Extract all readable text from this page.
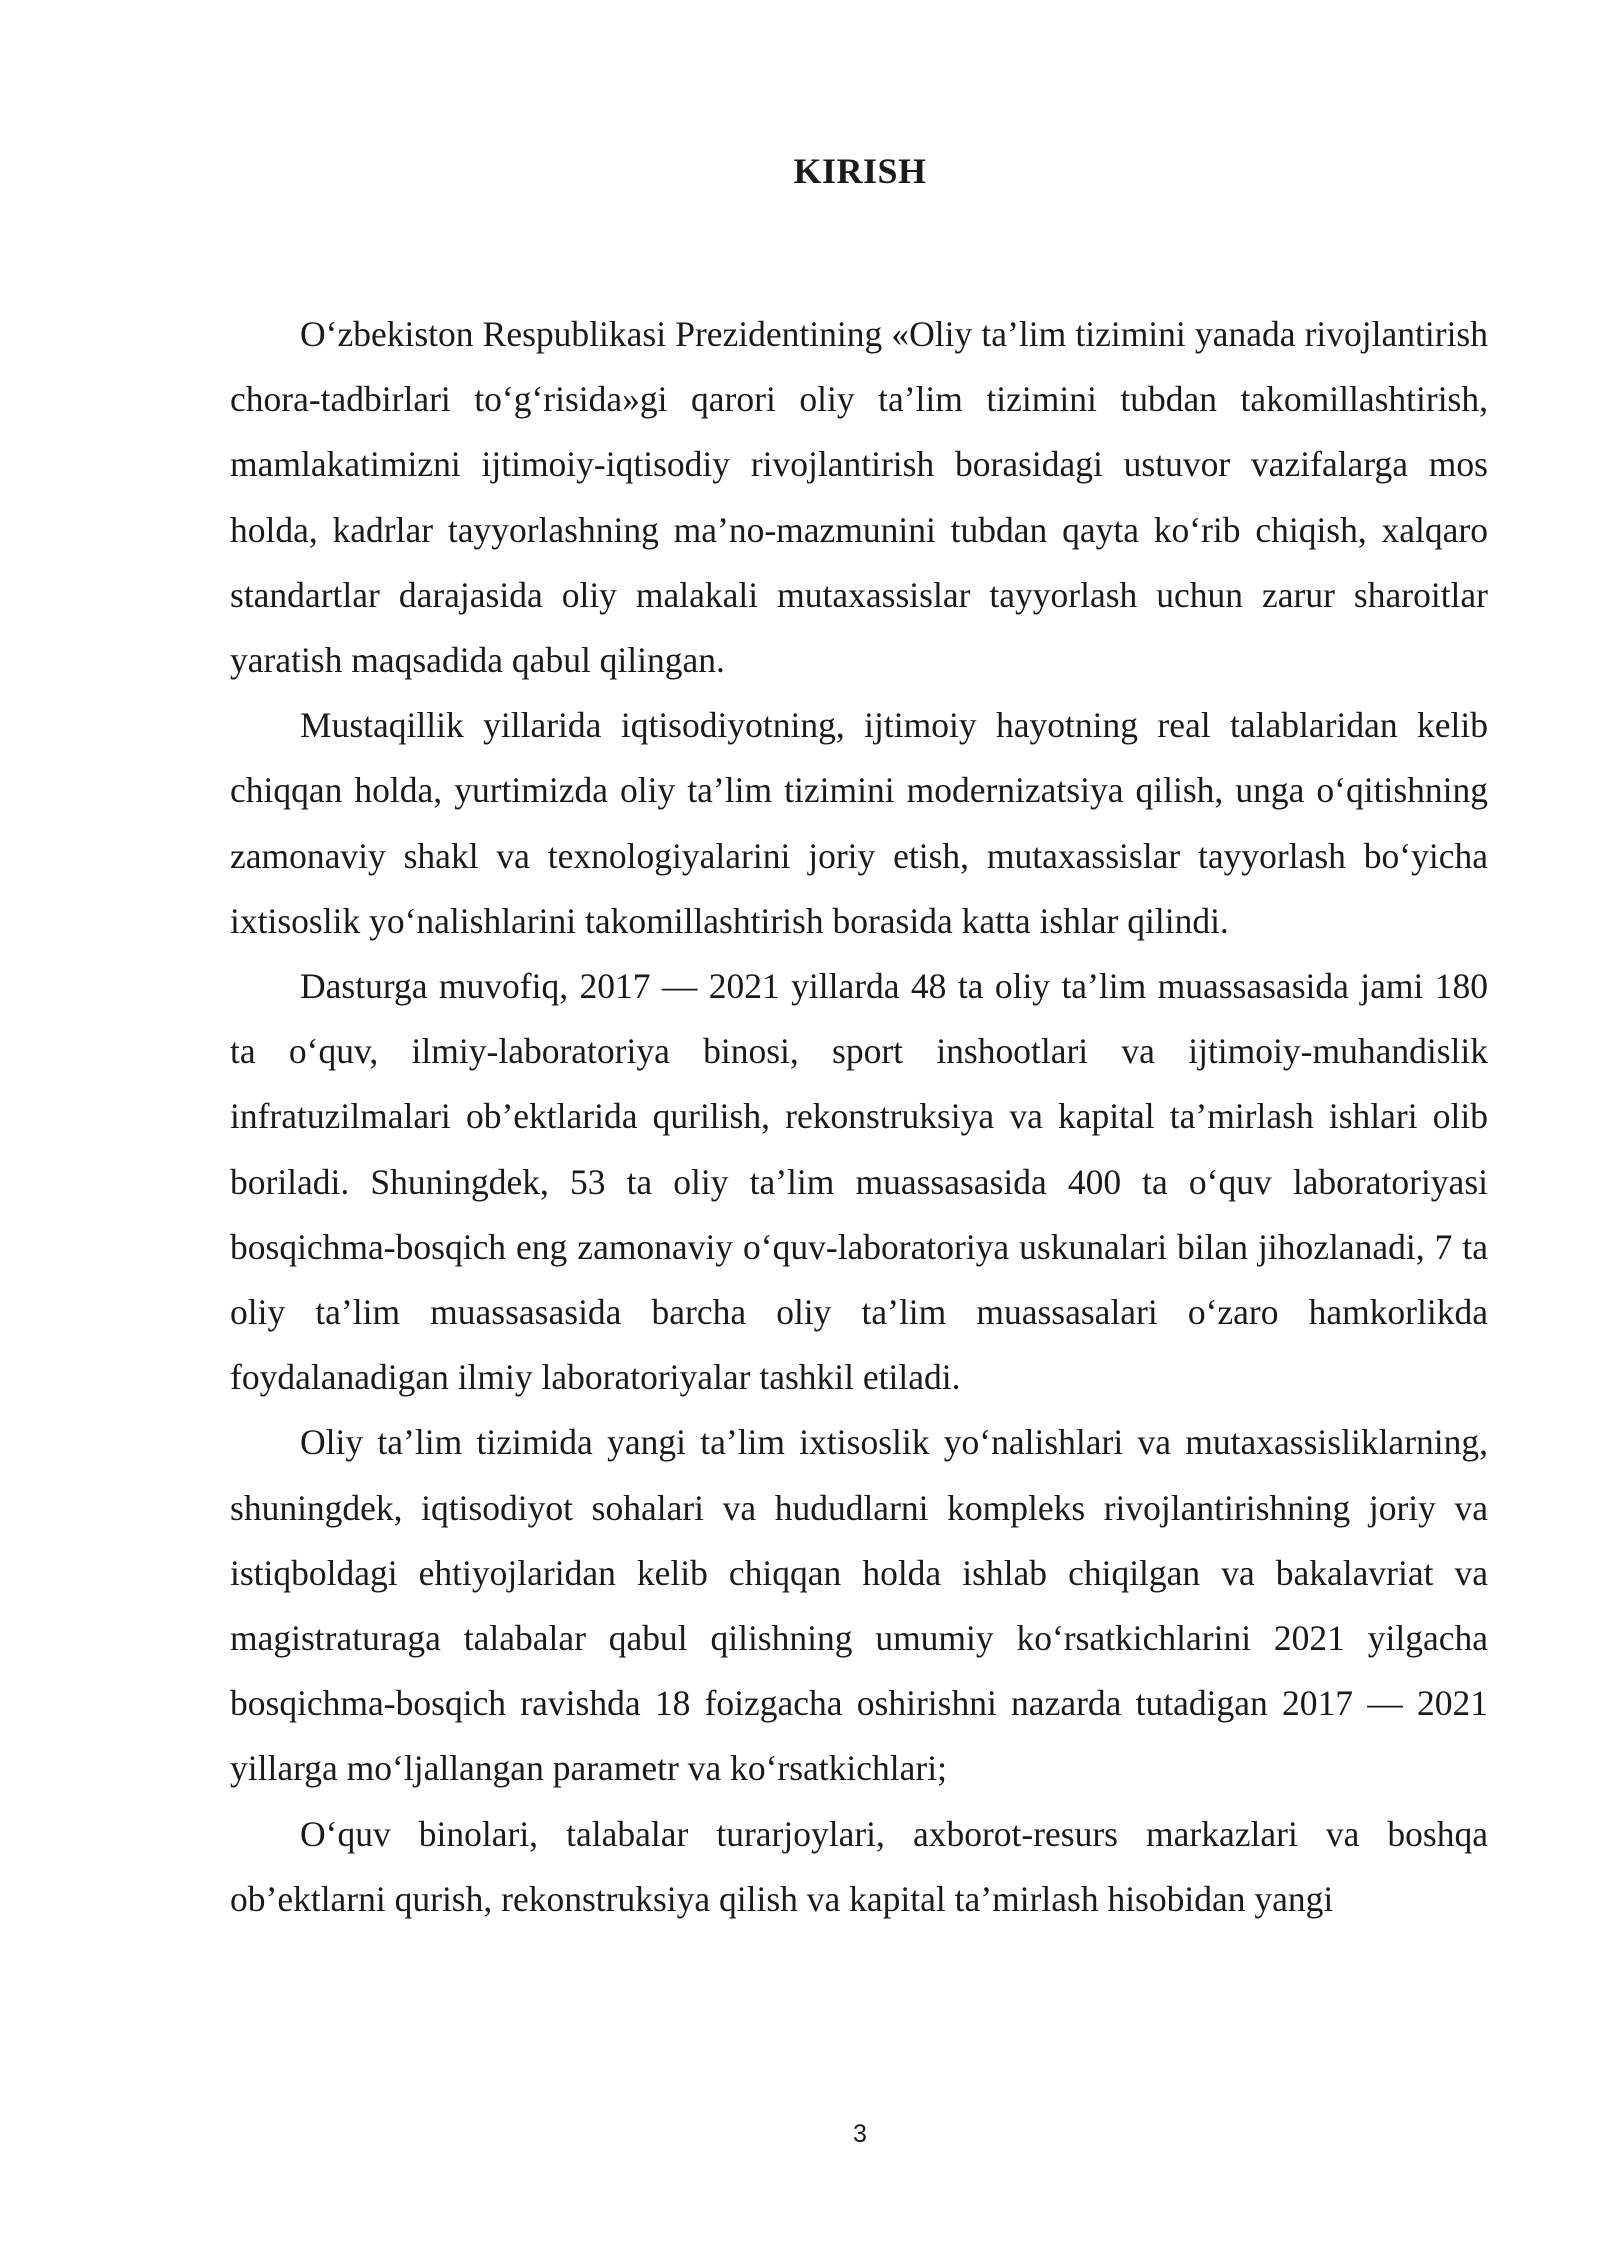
KIRISH

O‘zbekiston Respublikasi Prezidentining «Oliy ta’lim tizimini yanada rivojlantirish chora-tadbirlari to‘g‘risida»gi qarori oliy ta’lim tizimini tubdan takomillashtirish, mamlakatimizni ijtimoiy-iqtisodiy rivojlantirish borasidagi ustuvor vazifalarga mos holda, kadrlar tayyorlashning ma’no-mazmunini tubdan qayta ko‘rib chiqish, xalqaro standartlar darajasida oliy malakali mutaxassislar tayyorlash uchun zarur sharoitlar yaratish maqsadida qabul qilingan.

Mustaqillik yillarida iqtisodiyotning, ijtimoiy hayotning real talablaridan kelib chiqqan holda, yurtimizda oliy ta’lim tizimini modernizatsiya qilish, unga o‘qitishning zamonaviy shakl va texnologiyalarini joriy etish, mutaxassislar tayyorlash bo‘yicha ixtisoslik yo‘nalishlarini takomillashtirish borasida katta ishlar qilindi.

Dasturga muvofiq, 2017 — 2021 yillarda 48 ta oliy ta’lim muassasasida jami 180 ta o‘quv, ilmiy-laboratoriya binosi, sport inshootlari va ijtimoiy-muhandislik infratuzilmalari ob’ektlarida qurilish, rekonstruksiya va kapital ta’mirlash ishlari olib boriladi. Shuningdek, 53 ta oliy ta’lim muassasasida 400 ta o‘quv laboratoriyasi bosqichma-bosqich eng zamonaviy o‘quv-laboratoriya uskunalari bilan jihozlanadi, 7 ta oliy ta’lim muassasasida barcha oliy ta’lim muassasalari o‘zaro hamkorlikda foydalanadigan ilmiy laboratoriyalar tashkil etiladi.

Oliy ta’lim tizimida yangi ta’lim ixtisoslik yo‘nalishlari va mutaxassisliklarning, shuningdek, iqtisodiyot sohalari va hududlarni kompleks rivojlantirishning joriy va istiqboldagi ehtiyojlaridan kelib chiqqan holda ishlab chiqilgan va bakalavriat va magistraturaga talabalar qabul qilishning umumiy ko‘rsatkichlarini 2021 yilgacha bosqichma-bosqich ravishda 18 foizgacha oshirishni nazarda tutadigan 2017 — 2021 yillarga mo‘ljallangan parametr va ko‘rsatkichlari;

O‘quv binolari, talabalar turarjoylari, axborot-resurs markazlari va boshqa ob’ektlarni qurish, rekonstruksiya qilish va kapital ta’mirlash hisobidan yangi

3
